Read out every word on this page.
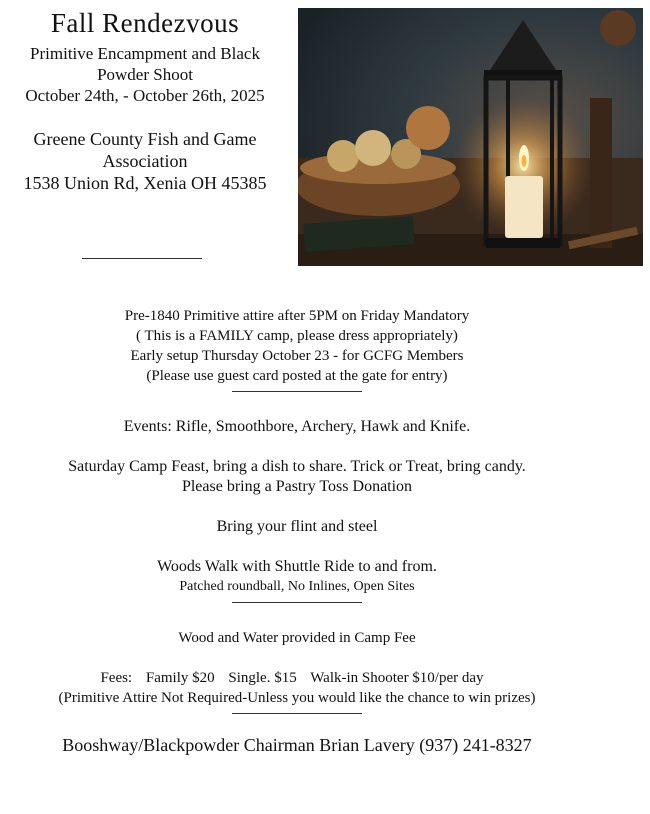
Fall Rendezvous
Primitive Encampment and Black
Powder Shoot
October 24th, - October 26th, 2025
Greene County Fish and Game
Association
1538 Union Rd, Xenia OH 45385
Pre-1840 Primitive attire after 5PM on Friday Mandatory
( This is a FAMILY camp, please dress appropriately)
Early setup Thursday October 23 - for GCFG Members
(Please use guest card posted at the gate for entry)
Events: Rifle, Smoothbore, Archery, Hawk and Knife.
Saturday Camp Feast, bring a dish to share. Trick or Treat, bring candy.
Please bring a Pastry Toss Donation
Bring your flint and steel
Woods Walk with Shuttle Ride to and from.
Patched roundball, No Inlines, Open Sites
Wood and Water provided in Camp Fee
Fees: Family $20 Single. $15 Walk-in Shooter $10/per day
(Primitive Attire Not Required-Unless you would like the chance to win prizes)
Booshway/Blackpowder Chairman Brian Lavery (937) 241-8327
